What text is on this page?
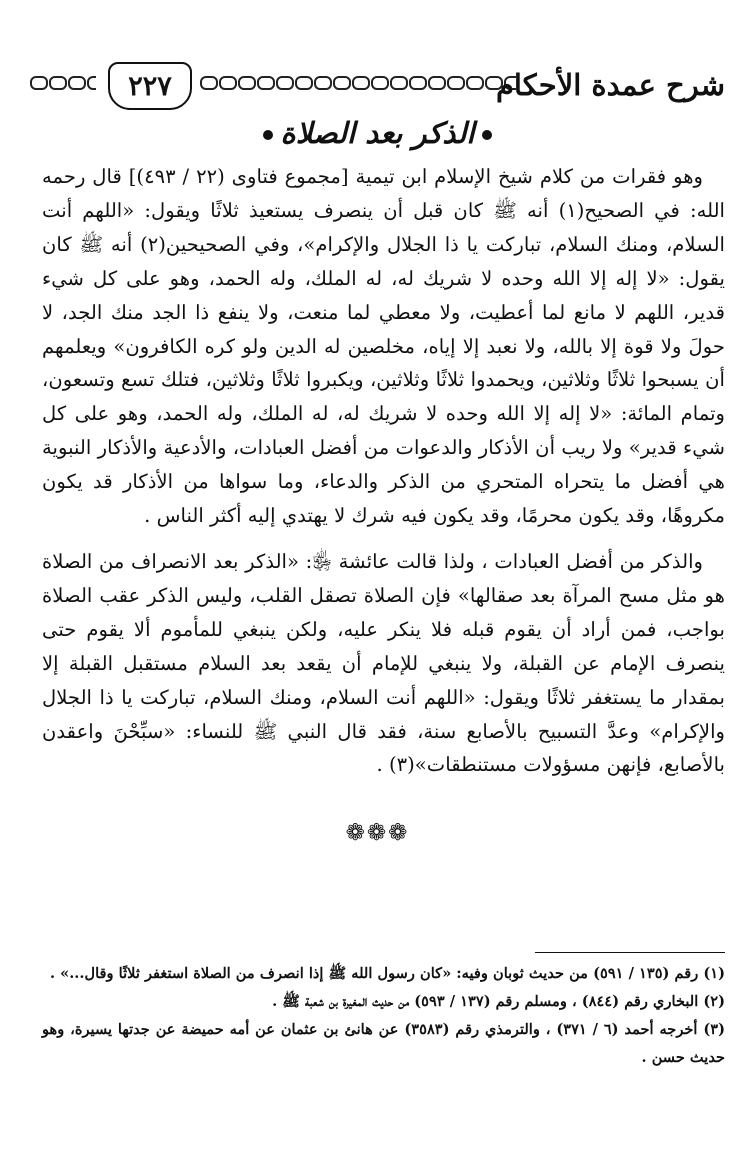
٢٢٧	شرح عمدة الأحكام
الذكر بعد الصلاة

وهو فقرات من كلام شيخ الإسلام ابن تيمية [مجموع فتاوى (٢٢ / ٤٩٣)] قال رحمه الله: في الصحيح(١) أنه ﷺ كان قبل أن ينصرف يستعيذ ثلاثًا ويقول: «اللهم أنت السلام، ومنك السلام، تباركت يا ذا الجلال والإكرام»، وفي الصحيحين(٢) أنه ﷺ كان يقول: «لا إله إلا الله وحده لا شريك له، له الملك، وله الحمد، وهو على كل شيء قدير، اللهم لا مانع لما أعطيت، ولا معطي لما منعت، ولا ينفع ذا الجد منك الجد، لا حولَ ولا قوة إلا بالله، ولا نعبد إلا إياه، مخلصين له الدين ولو كره الكافرون» ويعلمهم أن يسبحوا ثلاثًا وثلاثين، ويحمدوا ثلاثًا وثلاثين، ويكبروا ثلاثًا وثلاثين، فتلك تسع وتسعون، وتمام المائة: «لا إله إلا الله وحده لا شريك له، له الملك، وله الحمد، وهو على كل شيء قدير» ولا ريب أن الأذكار والدعوات من أفضل العبادات، والأدعية والأذكار النبوية هي أفضل ما يتحراه المتحري من الذكر والدعاء، وما سواها من الأذكار قد يكون مكروهًا، وقد يكون محرمًا، وقد يكون فيه شرك لا يهتدي إليه أكثر الناس .

والذكر من أفضل العبادات ، ولذا قالت عائشة ﵂: «الذكر بعد الانصراف من الصلاة هو مثل مسح المرآة بعد صقالها» فإن الصلاة تصقل القلب، وليس الذكر عقب الصلاة بواجب، فمن أراد أن يقوم قبله فلا ينكر عليه، ولكن ينبغي للمأموم ألا يقوم حتى ينصرف الإمام عن القبلة، ولا ينبغي للإمام أن يقعد بعد السلام مستقبل القبلة إلا بمقدار ما يستغفر ثلاثًا ويقول: «اللهم أنت السلام، ومنك السلام، تباركت يا ذا الجلال والإكرام» وعدَّ التسبيح بالأصابع سنة، فقد قال النبي ﷺ للنساء: «سبِّحْنَ واعقدن بالأصابع، فإنهن مسؤولات مستنطقات»(٣) .

❁❁❁

(١) رقم (١٣٥ / ٥٩١) من حديث ثوبان وفيه: «كان رسول الله ﷺ إذا انصرف من الصلاة استغفر ثلاثًا وقال...» .

(٢) البخاري رقم (٨٤٤) ، ومسلم رقم (١٣٧ / ٥٩٣) من حديث المغيرة بن شعبة ﷺ .

(٣) أخرجه أحمد (٦ / ٣٧١) ، والترمذي رقم (٣٥٨٣) عن هانئ بن عثمان عن أمه حميضة عن جدتها يسيرة، وهو حديث حسن .
